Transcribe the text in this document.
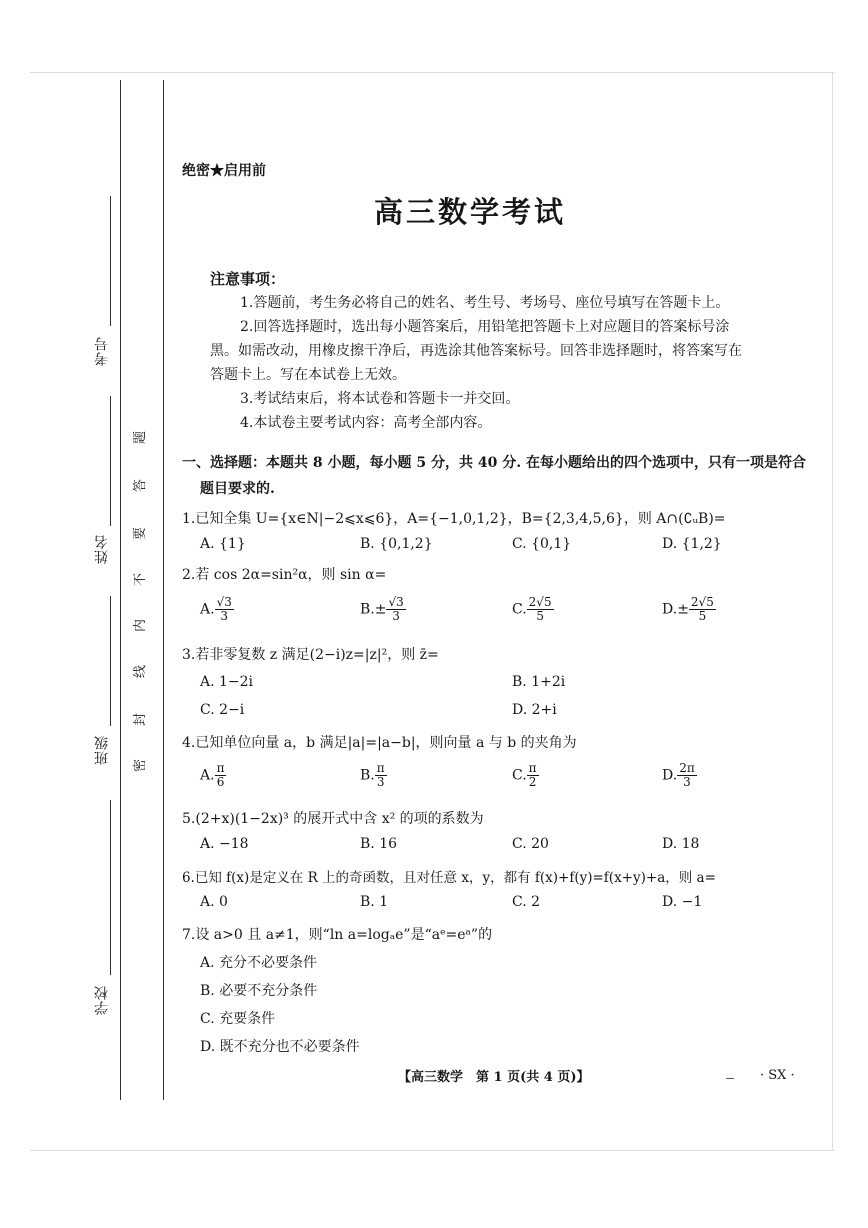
考号
姓名
班级
学校
题
答
要
不
内
线
封
密
绝密★启用前
高三数学考试
注意事项：
1.答题前，考生务必将自己的姓名、考生号、考场号、座位号填写在答题卡上。
2.回答选择题时，选出每小题答案后，用铅笔把答题卡上对应题目的答案标号涂
黑。如需改动，用橡皮擦干净后，再选涂其他答案标号。回答非选择题时，将答案写在
答题卡上。写在本试卷上无效。
3.考试结束后，将本试卷和答题卡一并交回。
4.本试卷主要考试内容：高考全部内容。
一、选择题：本题共 8 小题，每小题 5 分，共 40 分. 在每小题给出的四个选项中，只有一项是符合
题目要求的.
1.已知全集 U={x∈N|−2⩽x⩽6}，A={−1,0,1,2}，B={2,3,4,5,6}，则 A∩(∁ᵤB)=
A. {1}	B. {0,1,2}	C. {0,1}	D. {1,2}
2.若 cos 2α=sin²α，则 sin α=
A. $\frac{√3}{3}$	$B.\pm \frac{√3}{3}$	C. $\frac{2√5}{5}$	$D.\pm \frac{2√5}{5}$
3.若非零复数 z 满足(2−i)z=|z|²，则 z̄=
A. 1−2i	B. 1+2i
C. 2−i	D. 2+i
4.已知单位向量 a，b 满足|a|=|a−b|，则向量 a 与 b 的夹角为
A. $\frac{\pi}{6}$	B. $\frac{\pi}{3}$	C. $\frac{\pi}{2}$	D. $\frac{2\pi}{3}$
5.(2+x)(1−2x)³ 的展开式中含 x² 的项的系数为
A. −18	B. 16	C. 20	D. 18
6.已知 f(x)是定义在 R 上的奇函数，且对任意 x，y，都有 f(x)+f(y)=f(x+y)+a，则 a=
A. 0	B. 1	C. 2	D. −1
7.设 a>0 且 a≠1，则“ln a=logₐe”是“aᵉ=eᵃ”的
A. 充分不必要条件
B. 必要不充分条件
C. 充要条件
D. 既不充分也不必要条件
【高三数学　第 1 页(共 4 页)】	· SX ·
